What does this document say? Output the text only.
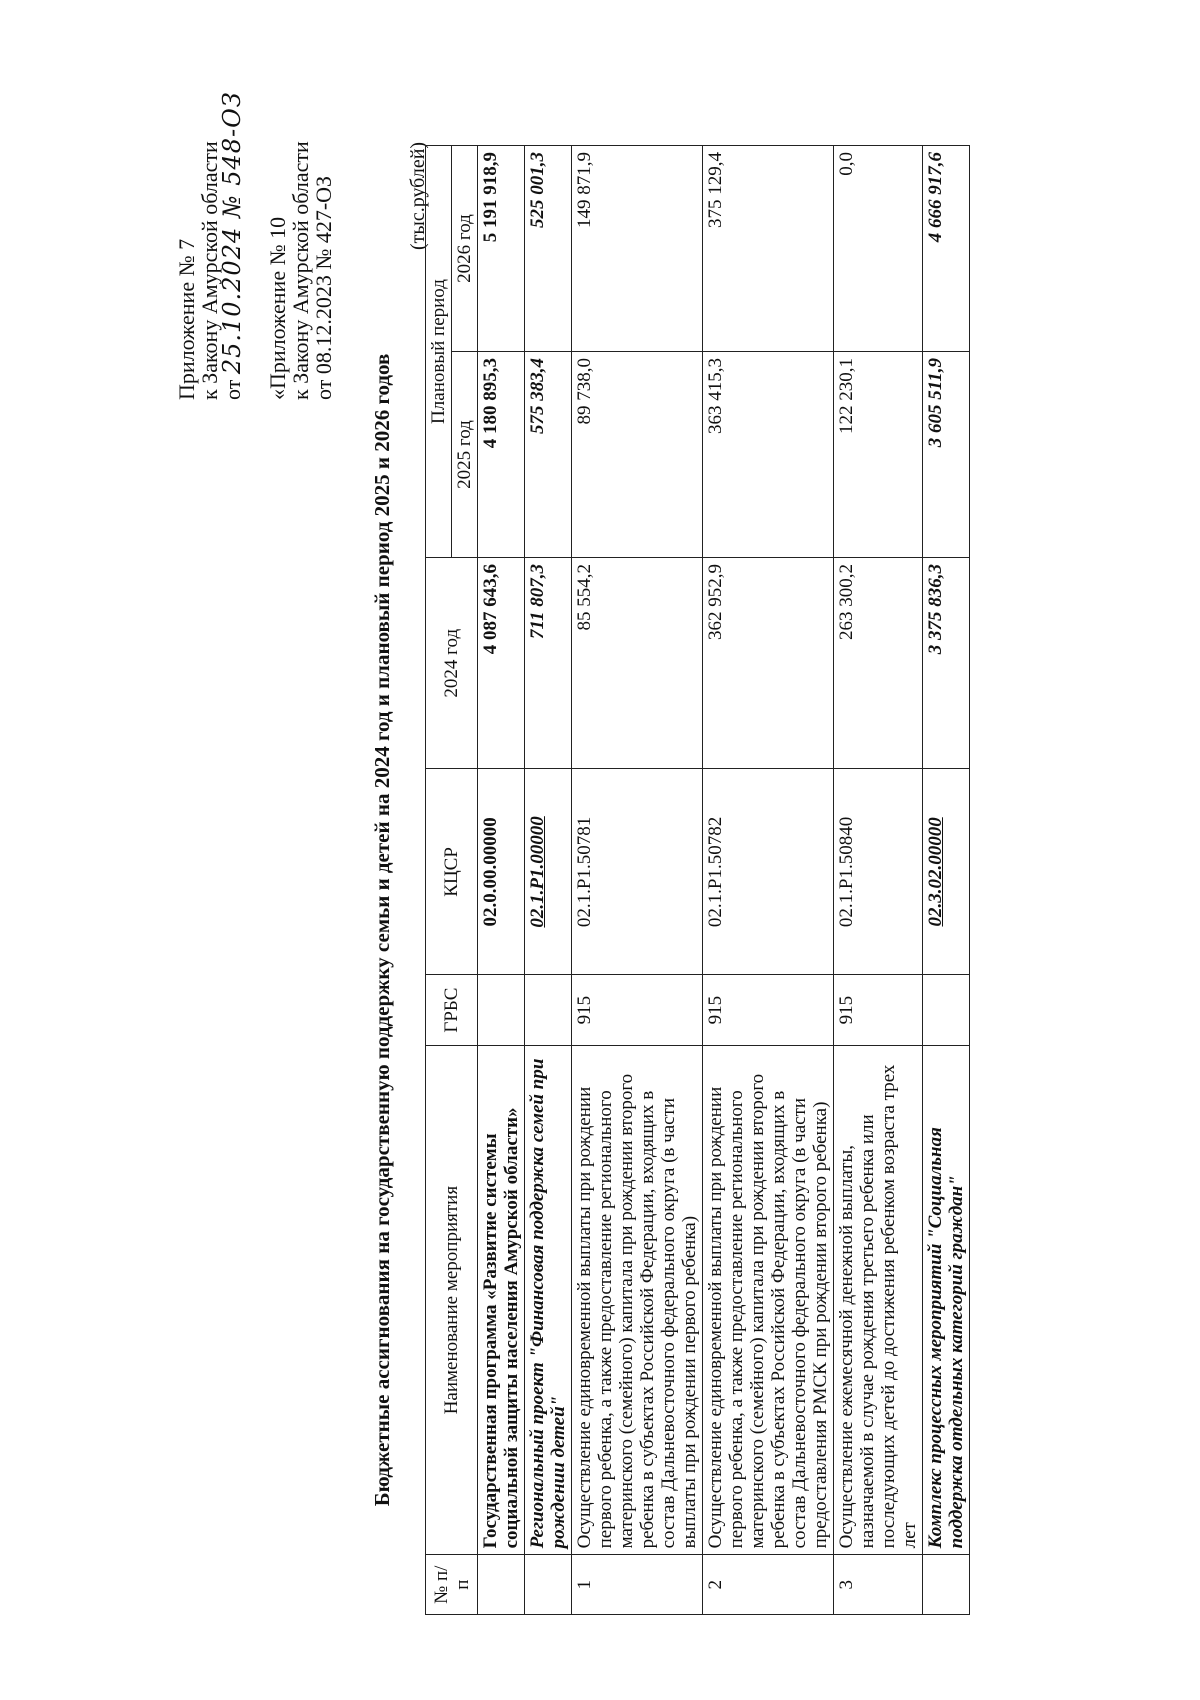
Приложение № 7
к Закону Амурской области
от 25.10.2024 № 548-ОЗ «Приложение № 10
к Закону Амурской области
от 08.12.2023 № 427-ОЗ
Бюджетные ассигнования на государственную поддержку семьи и детей на 2024 год и плановый период 2025 и 2026 годов
(тыс.рублей)
№ п/п	Наименование мероприятия	ГРБС	КЦСР	2024 год	Плановый период	
					2025 год	2026 год
	Государственная программа «Развитие системы социальной защиты населения Амурской области»		02.0.00.00000	4 087 643,6	4 180 895,3	5 191 918,9
	Региональный проект "Финансовая поддержка семей при рождении детей"		02.1.P1.00000	711 807,3	575 383,4	525 001,3
1	Осуществление единовременной выплаты при рождении первого ребенка, а также предоставление регионального материнского (семейного) капитала при рождении второго ребенка в субъектах Российской Федерации, входящих в состав Дальневосточного федерального округа (в части выплаты при рождении первого ребенка)	915	02.1.P1.50781	85 554,2	89 738,0	149 871,9
2	Осуществление единовременной выплаты при рождении первого ребенка, а также предоставление регионального материнского (семейного) капитала при рождении второго ребенка в субъектах Российской Федерации, входящих в состав Дальневосточного федерального округа (в части предоставления РМСК при рождении второго ребенка)	915	02.1.P1.50782	362 952,9	363 415,3	375 129,4
3	Осуществление ежемесячной денежной выплаты, назначаемой в случае рождения третьего ребенка или последующих детей до достижения ребенком возраста трех лет	915	02.1.P1.50840	263 300,2	122 230,1	0,0
	Комплекс процессных мероприятий "Социальная поддержка отдельных категорий граждан"		02.3.02.00000	3 375 836,3	3 605 511,9	4 666 917,6
